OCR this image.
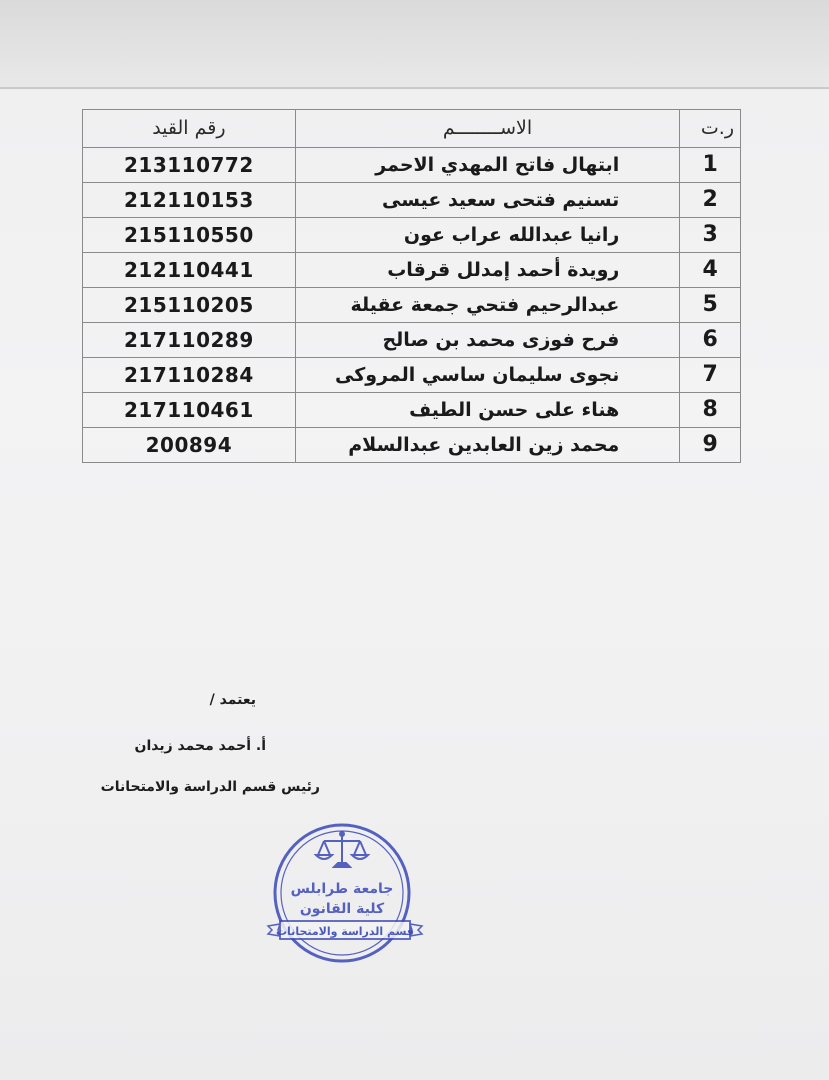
ر.ت	الاســــــــم	رقم القيد
1	ابتهال فاتح المهدي الاحمر	213110772
2	تسنيم فتحى سعيد عيسى	212110153
3	رانيا عبدالله عراب عون	215110550
4	رويدة أحمد إمدلل قرقاب	212110441
5	عبدالرحيم فتحي جمعة عقيلة	215110205
6	فرح فوزى محمد بن صالح	217110289
7	نجوى سليمان ساسي المروكى	217110284
8	هناء على حسن الطيف	217110461
9	محمد زين العابدين عبدالسلام	200894
يعتمد /
أ. أحمد محمد زيدان
رئيس قسم الدراسة والامتحانات
جامعة طرابلس
كلية القانون
قسم الدراسة والامتحانات
